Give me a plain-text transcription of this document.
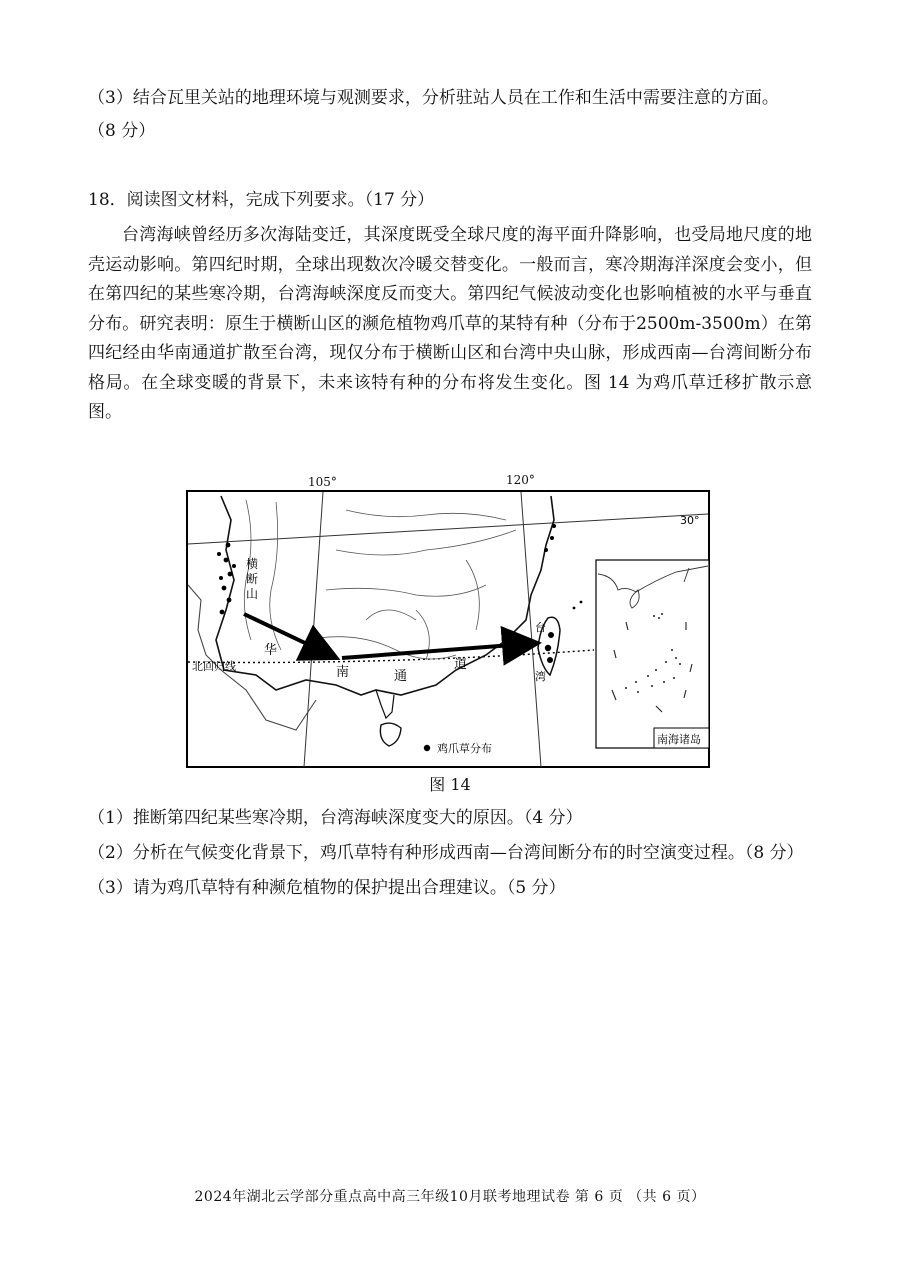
（3）结合瓦里关站的地理环境与观测要求，分析驻站人员在工作和生活中需要注意的方面。
（8 分）
18．阅读图文材料，完成下列要求。（17 分）
台湾海峡曾经历多次海陆变迁，其深度既受全球尺度的海平面升降影响，也受局地尺度的地壳运动影响。第四纪时期，全球出现数次冷暖交替变化。一般而言，寒冷期海洋深度会变小，但在第四纪的某些寒冷期，台湾海峡深度反而变大。第四纪气候波动变化也影响植被的水平与垂直分布。研究表明：原生于横断山区的濒危植物鸡爪草的某特有种（分布于2500m-3500m）在第四纪经由华南通道扩散至台湾，现仅分布于横断山区和台湾中央山脉，形成西南—台湾间断分布格局。在全球变暖的背景下，未来该特有种的分布将发生变化。图 14 为鸡爪草迁移扩散示意图。
105°	120°
横
断
山
华
南	通
道
台
湾
北回归线
30°
南海诸岛
鸡爪草分布
图 14
（1）推断第四纪某些寒冷期，台湾海峡深度变大的原因。（4 分）
（2）分析在气候变化背景下，鸡爪草特有种形成西南—台湾间断分布的时空演变过程。（8 分）
（3）请为鸡爪草特有种濒危植物的保护提出合理建议。（5 分）
2024年湖北云学部分重点高中高三年级10月联考地理试卷 第 6 页 （共 6 页）
